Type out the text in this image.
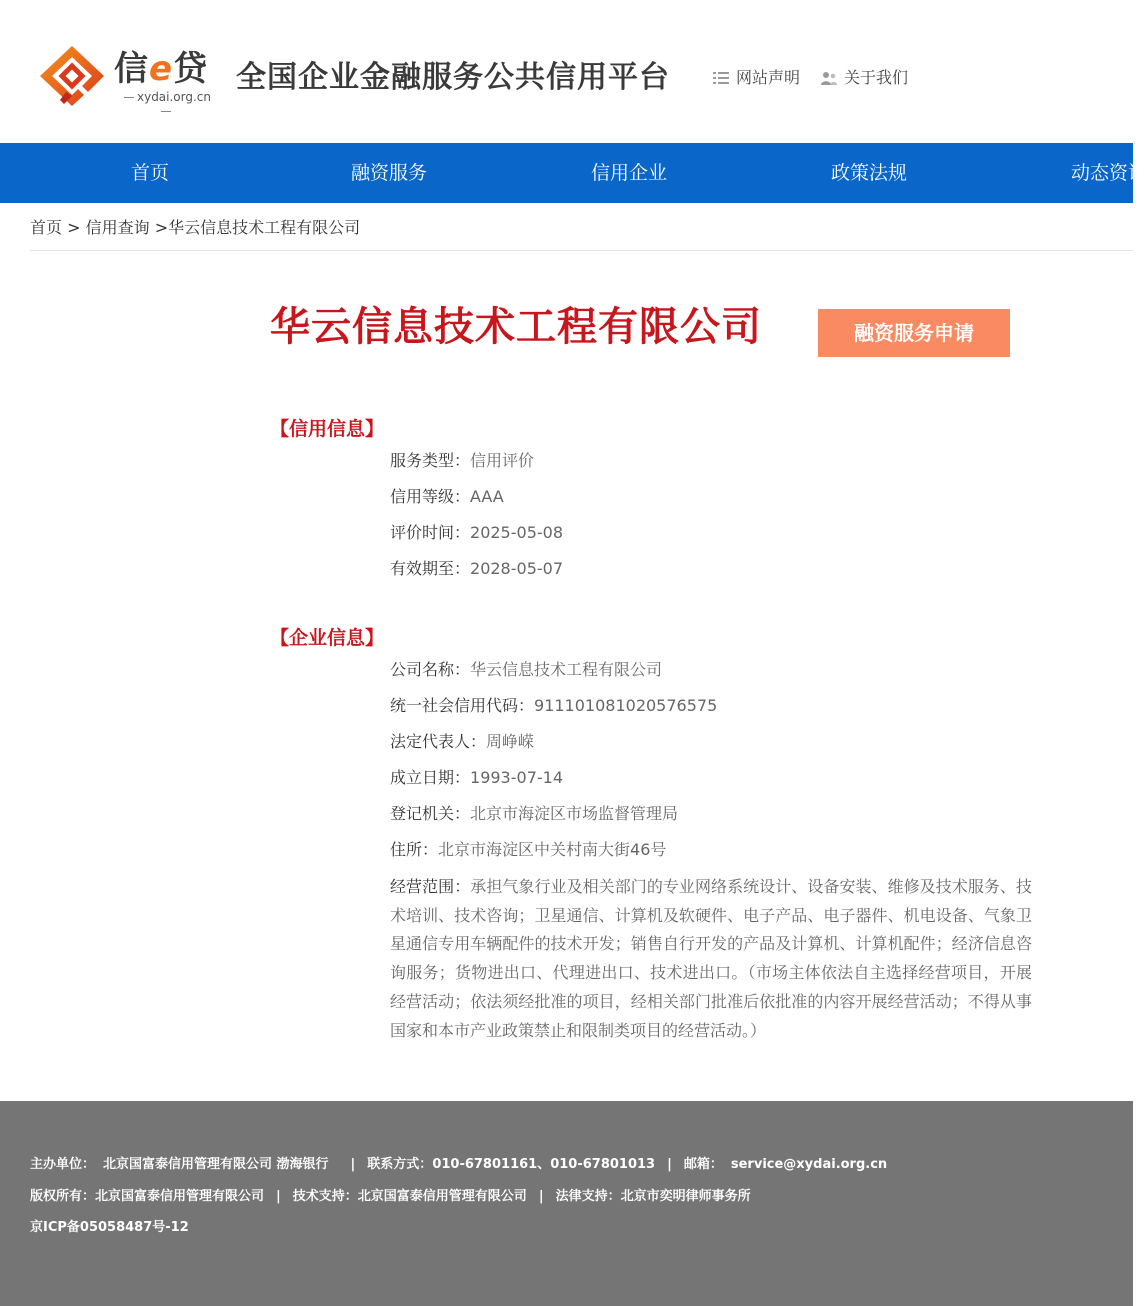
信e贷
xydai.org.cn
全国企业金融服务公共信用平台	网站声明	关于我们
首页	融资服务	信用企业	政策法规	动态资讯
首页 > 信用查询 >华云信息技术工程有限公司
华云信息技术工程有限公司	融资服务申请
【信用信息】
服务类型：信用评价
信用等级：AAA
评价时间：2025-05-08
有效期至：2028-05-07
【企业信息】
公司名称：华云信息技术工程有限公司
统一社会信用代码：911101081020576575
法定代表人：周峥嵘
成立日期：1993-07-14
登记机关：北京市海淀区市场监督管理局
住所：北京市海淀区中关村南大街46号
经营范围：承担气象行业及相关部门的专业网络系统设计、设备安装、维修及技术服务、技术培训、技术咨询；卫星通信、计算机及软硬件、电子产品、电子器件、机电设备、气象卫星通信专用车辆配件的技术开发；销售自行开发的产品及计算机、计算机配件；经济信息咨询服务；货物进出口、代理进出口、技术进出口。（市场主体依法自主选择经营项目，开展经营活动；依法须经批准的项目，经相关部门批准后依批准的内容开展经营活动；不得从事国家和本市产业政策禁止和限制类项目的经营活动。）
主办单位： 北京国富泰信用管理有限公司 渤海银行 | 联系方式：010-67801161、010-67801013 | 邮箱： service@xydai.org.cn
版权所有：北京国富泰信用管理有限公司 | 技术支持：北京国富泰信用管理有限公司 | 法律支持：北京市奕明律师事务所
京ICP备05058487号-12
